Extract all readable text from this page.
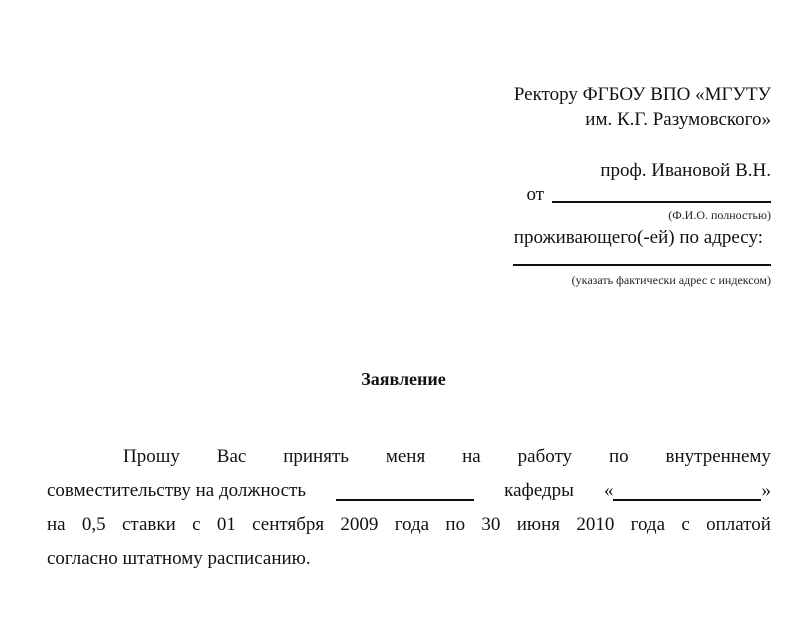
Ректору ФГБОУ ВПО «МГУТУ
им. К.Г. Разумовского»
проф. Ивановой В.Н.
от
(Ф.И.О. полностью)
проживающего(-ей) по адресу:
(указать фактически адрес с индексом)
Заявление
Прошу Вас принять меня на работу по внутреннему
совместительству на должность	кафедры «	»
на 0,5 ставки с 01 сентября 2009 года по 30 июня 2010 года с оплатой
согласно штатному расписанию.
